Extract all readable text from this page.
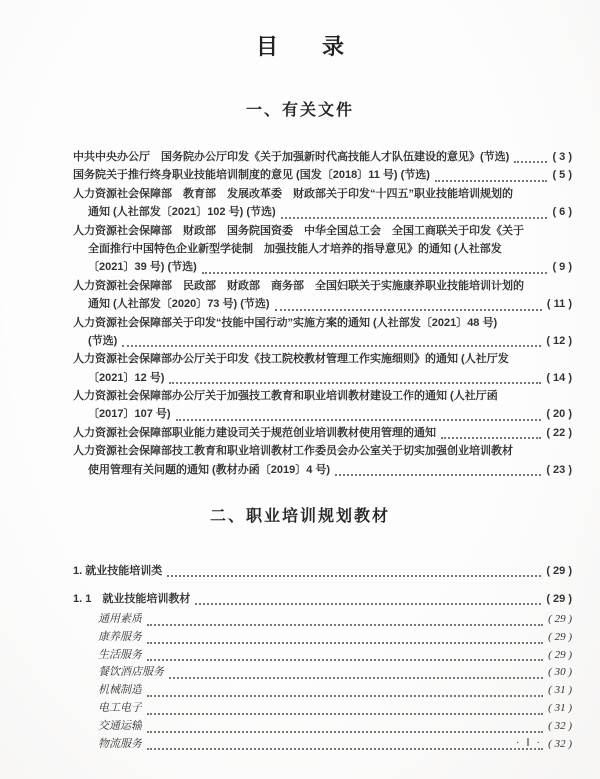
目　　录
一、有关文件
中共中央办公厅　国务院办公厅印发《关于加强新时代高技能人才队伍建设的意见》(节选)	( 3 )
国务院关于推行终身职业技能培训制度的意见 (国发〔2018〕11 号) (节选)	( 5 )
人力资源社会保障部　教育部　发展改革委　财政部关于印发“十四五”职业技能培训规划的
通知 (人社部发〔2021〕102 号) (节选)	( 6 )
人力资源社会保障部　财政部　国务院国资委　中华全国总工会　全国工商联关于印发《关于
全面推行中国特色企业新型学徒制　加强技能人才培养的指导意见》的通知 (人社部发
〔2021〕39 号) (节选)	( 9 )
人力资源社会保障部　民政部　财政部　商务部　全国妇联关于实施康养职业技能培训计划的
通知 (人社部发〔2020〕73 号) (节选)	( 11 )
人力资源社会保障部关于印发“技能中国行动”实施方案的通知 (人社部发〔2021〕48 号)
(节选)	( 12 )
人力资源社会保障部办公厅关于印发《技工院校教材管理工作实施细则》的通知 (人社厅发
〔2021〕12 号)	( 14 )
人力资源社会保障部办公厅关于加强技工教育和职业培训教材建设工作的通知 (人社厅函
〔2017〕107 号)	( 20 )
人力资源社会保障部职业能力建设司关于规范创业培训教材使用管理的通知	( 22 )
人力资源社会保障部技工教育和职业培训教材工作委员会办公室关于切实加强创业培训教材
使用管理有关问题的通知 (教材办函〔2019〕4 号)	( 23 )
二、职业培训规划教材
1. 就业技能培训类	( 29 )
1. 1　就业技能培训教材	( 29 )
通用素质	( 29 )
康养服务	( 29 )
生活服务	( 29 )
餐饮酒店服务	( 30 )
机械制造	( 31 )
电工电子	( 31 )
交通运输	( 32 )
物流服务	( 32 )
· Ⅰ ·
